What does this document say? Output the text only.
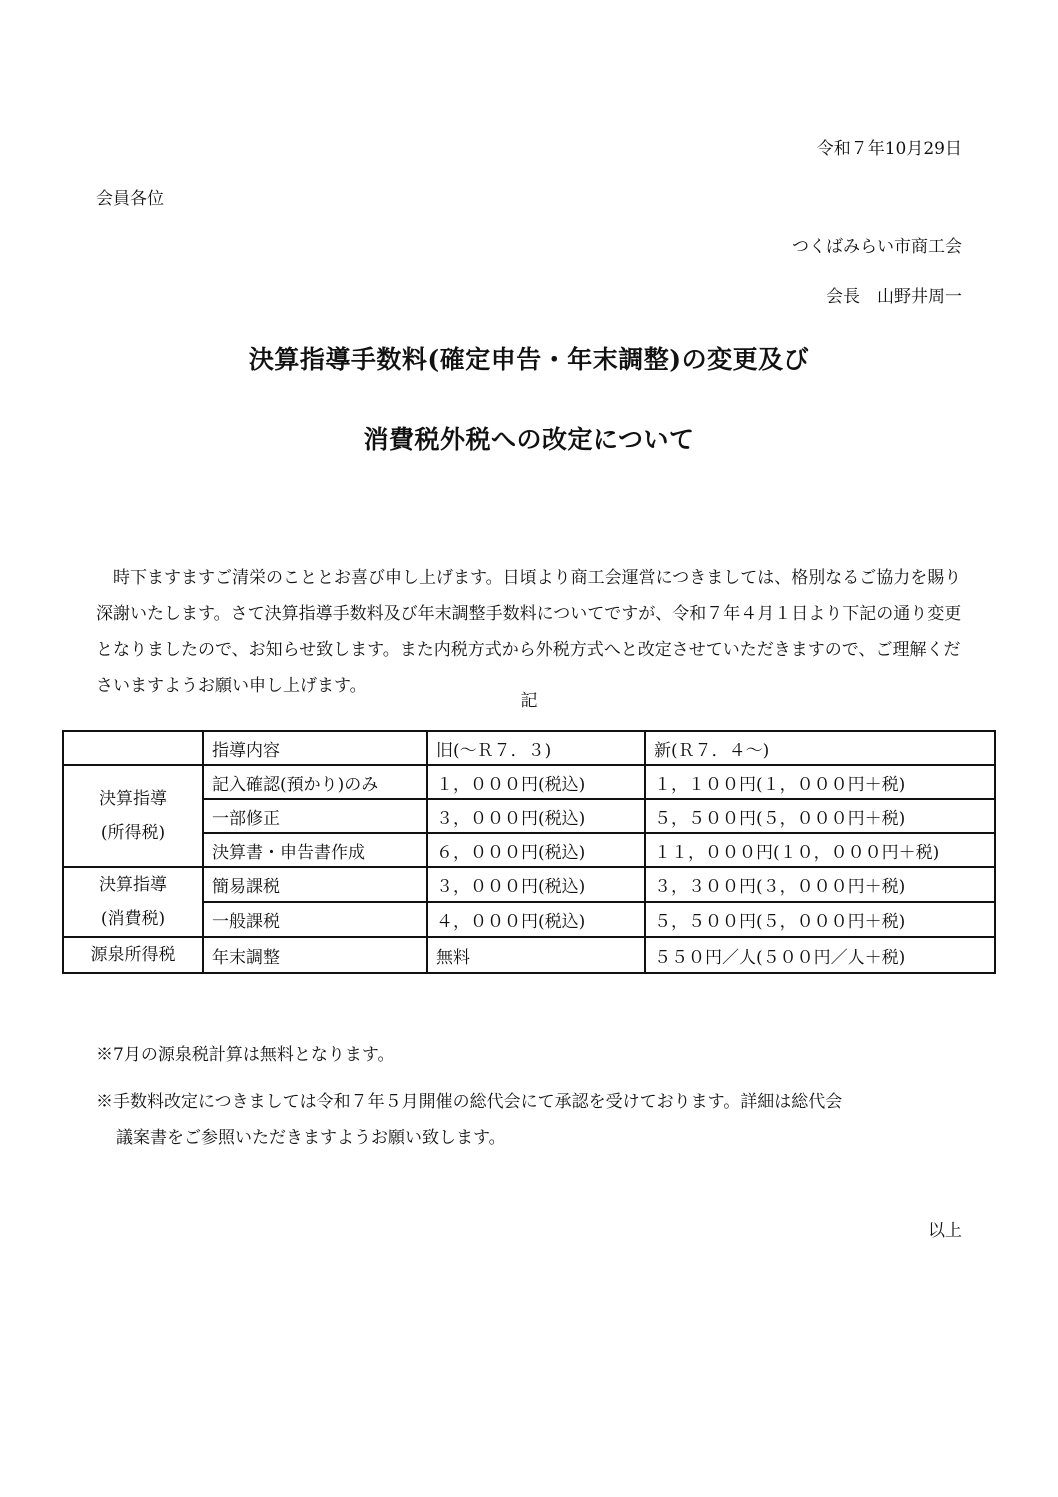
令和７年10月29日
会員各位
つくばみらい市商工会
会長　山野井周一
決算指導手数料(確定申告・年末調整)の変更及び
消費税外税への改定について
時下ますますご清栄のこととお喜び申し上げます。日頃より商工会運営につきましては、格別なるご協力を賜り深謝いたします。さて決算指導手数料及び年末調整手数料についてですが、令和７年４月１日より下記の通り変更となりましたので、お知らせ致します。また内税方式から外税方式へと改定させていただきますので、ご理解くださいますようお願い申し上げます。
記
	指導内容	旧(～Ｒ７．３)	新(Ｒ７．４～)
決算指導
(所得税)	記入確認(預かり)のみ	１，０００円(税込)	１，１００円(１，０００円＋税)
	一部修正	３，０００円(税込)	５，５００円(５，０００円＋税)
	決算書・申告書作成	６，０００円(税込)	１１，０００円(１０，０００円＋税)
決算指導
(消費税)	簡易課税	３，０００円(税込)	３，３００円(３，０００円＋税)
	一般課税	４，０００円(税込)	５，５００円(５，０００円＋税)
源泉所得税	年末調整	無料	５５０円／人(５００円／人＋税)
※7月の源泉税計算は無料となります。
※手数料改定につきましては令和７年５月開催の総代会にて承認を受けております。詳細は総代会
議案書をご参照いただきますようお願い致します。
以上
